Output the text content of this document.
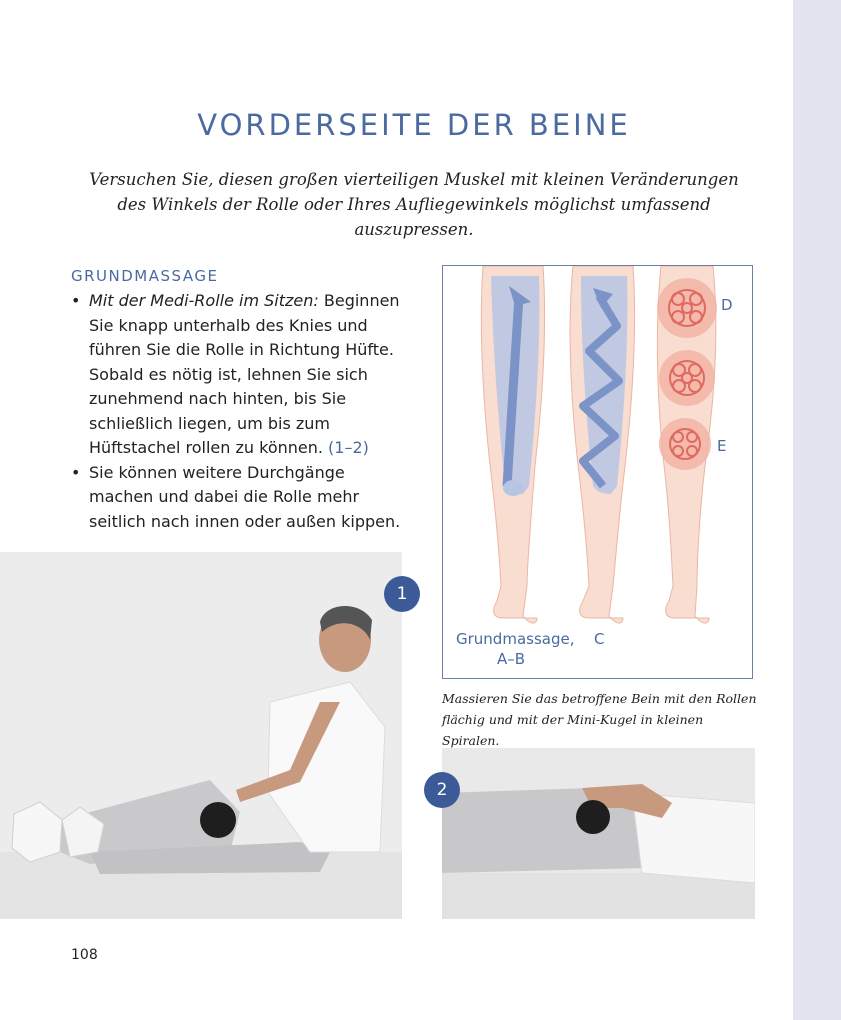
VORDERSEITE DER BEINE

Versuchen Sie, diesen großen vierteiligen Muskel mit kleinen Veränderungen des Winkels der Rolle oder Ihres Aufliegewinkels möglichst umfassend auszupressen.

GRUNDMASSAGE
• Mit der Medi-Rolle im Sitzen: Beginnen Sie knapp unterhalb des Knies und führen Sie die Rolle in Richtung Hüfte. Sobald es nötig ist, lehnen Sie sich zunehmend nach hinten, bis Sie schließlich liegen, um bis zum Hüftstachel rollen zu können. (1–2)
• Sie können weitere Durchgänge machen und dabei die Rolle mehr seitlich nach innen oder außen kippen.
D
E
Grundmassage,
A–B
C
Massieren Sie das betroffene Bein mit den Rollen flächig und mit der Mini-Kugel in kleinen Spiralen.
1
2
108
